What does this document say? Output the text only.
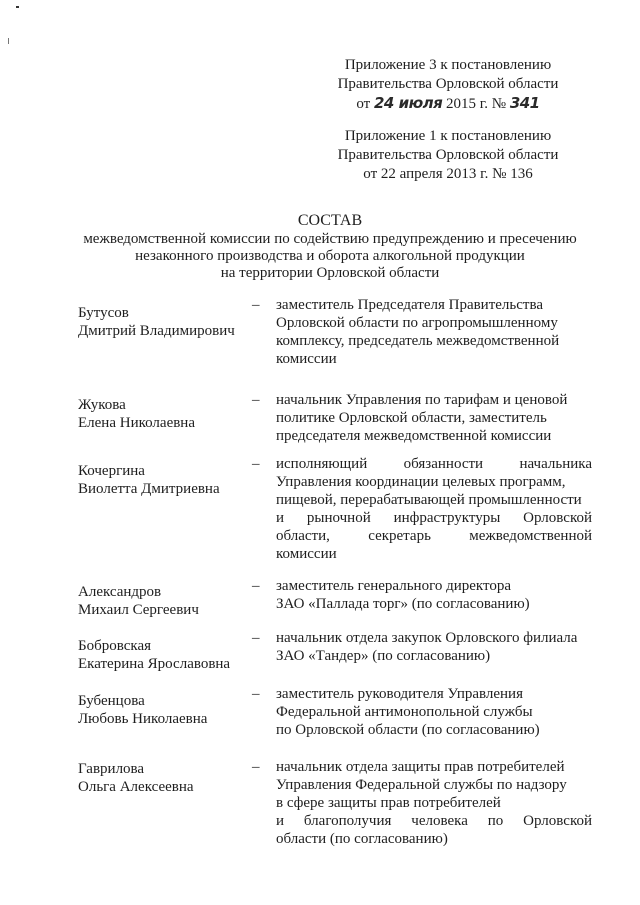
Приложение 3 к постановлению
Правительства Орловской области
от 24 июля 2015 г. № 341
Приложение 1 к постановлению
Правительства Орловской области
от 22 апреля 2013 г. № 136
СОСТАВ
межведомственной комиссии по содействию предупреждению и пресечению
незаконного производства и оборота алкогольной продукции
на территории Орловской области
Бутусов
Дмитрий Владимирович
– заместитель Председателя Правительства
Орловской области по агропромышленному
комплексу, председатель межведомственной
комиссии
Жукова
Елена Николаевна
– начальник Управления по тарифам и ценовой
политике Орловской области, заместитель
председателя межведомственной комиссии
Кочергина
Виолетта Дмитриевна
– исполняющий обязанности начальника
Управления координации целевых программ,
пищевой, перерабатывающей промышленности
и рыночной инфраструктуры Орловской
области, секретарь межведомственной
комиссии
Александров
Михаил Сергеевич
– заместитель генерального директора
ЗАО «Паллада торг» (по согласованию)
Бобровская
Екатерина Ярославовна
– начальник отдела закупок Орловского филиала
ЗАО «Тандер» (по согласованию)
Бубенцова
Любовь Николаевна
– заместитель руководителя Управления
Федеральной антимонопольной службы
по Орловской области (по согласованию)
Гаврилова
Ольга Алексеевна
– начальник отдела защиты прав потребителей
Управления Федеральной службы по надзору
в сфере защиты прав потребителей
и благополучия человека по Орловской
области (по согласованию)
